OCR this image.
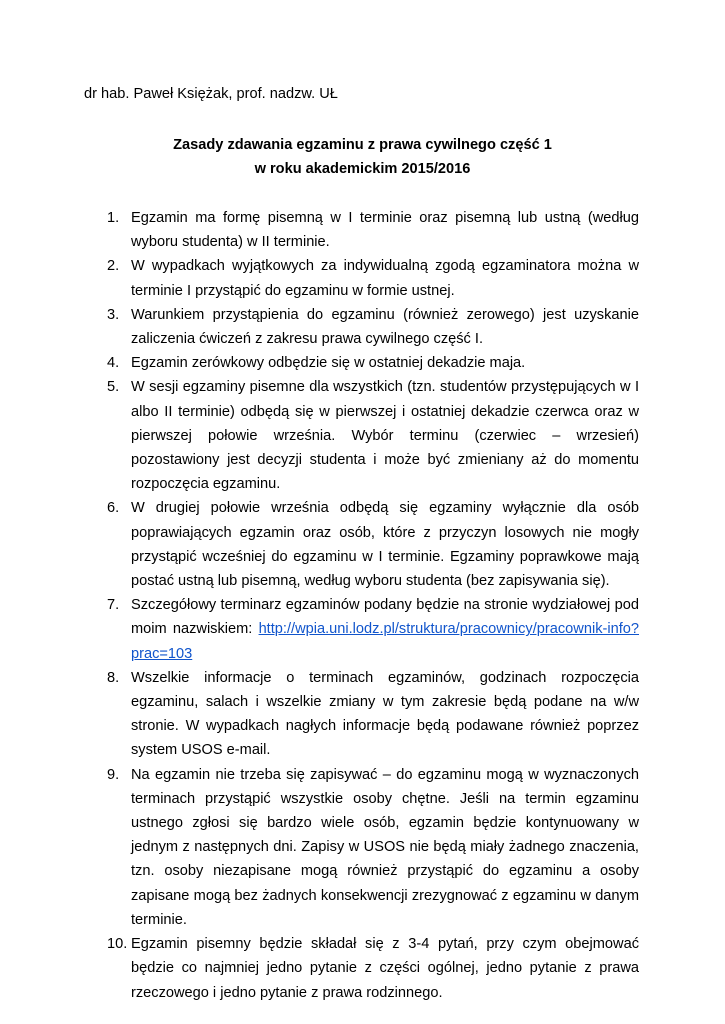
dr hab. Paweł Księżak, prof. nadzw. UŁ
Zasady zdawania egzaminu z prawa cywilnego część 1
w roku akademickim 2015/2016
1. Egzamin ma formę pisemną w I terminie oraz pisemną lub ustną (według wyboru studenta) w II terminie.
2. W wypadkach wyjątkowych za indywidualną zgodą egzaminatora można w terminie I przystąpić do egzaminu w formie ustnej.
3. Warunkiem przystąpienia do egzaminu (również zerowego) jest uzyskanie zaliczenia ćwiczeń z zakresu prawa cywilnego część I.
4. Egzamin zerówkowy odbędzie się w ostatniej dekadzie maja.
5. W sesji egzaminy pisemne dla wszystkich (tzn. studentów przystępujących w I albo II terminie) odbędą się w pierwszej i ostatniej dekadzie czerwca oraz w pierwszej połowie września. Wybór terminu (czerwiec – wrzesień) pozostawiony jest decyzji studenta i może być zmieniany aż do momentu rozpoczęcia egzaminu.
6. W drugiej połowie września odbędą się egzaminy wyłącznie dla osób poprawiających egzamin oraz osób, które z przyczyn losowych nie mogły przystąpić wcześniej do egzaminu w I terminie. Egzaminy poprawkowe mają postać ustną lub pisemną, według wyboru studenta (bez zapisywania się).
7. Szczegółowy terminarz egzaminów podany będzie na stronie wydziałowej pod moim nazwiskiem: http://wpia.uni.lodz.pl/struktura/pracownicy/pracownik-info?prac=103
8. Wszelkie informacje o terminach egzaminów, godzinach rozpoczęcia egzaminu, salach i wszelkie zmiany w tym zakresie będą podane na w/w stronie. W wypadkach nagłych informacje będą podawane również poprzez system USOS e-mail.
9. Na egzamin nie trzeba się zapisywać – do egzaminu mogą w wyznaczonych terminach przystąpić wszystkie osoby chętne. Jeśli na termin egzaminu ustnego zgłosi się bardzo wiele osób, egzamin będzie kontynuowany w jednym z następnych dni. Zapisy w USOS nie będą miały żadnego znaczenia, tzn. osoby niezapisane mogą również przystąpić do egzaminu a osoby zapisane mogą bez żadnych konsekwencji zrezygnować z egzaminu w danym terminie.
10. Egzamin pisemny będzie składał się z 3-4 pytań, przy czym obejmować będzie co najmniej jedno pytanie z części ogólnej, jedno pytanie z prawa rzeczowego i jedno pytanie z prawa rodzinnego.
